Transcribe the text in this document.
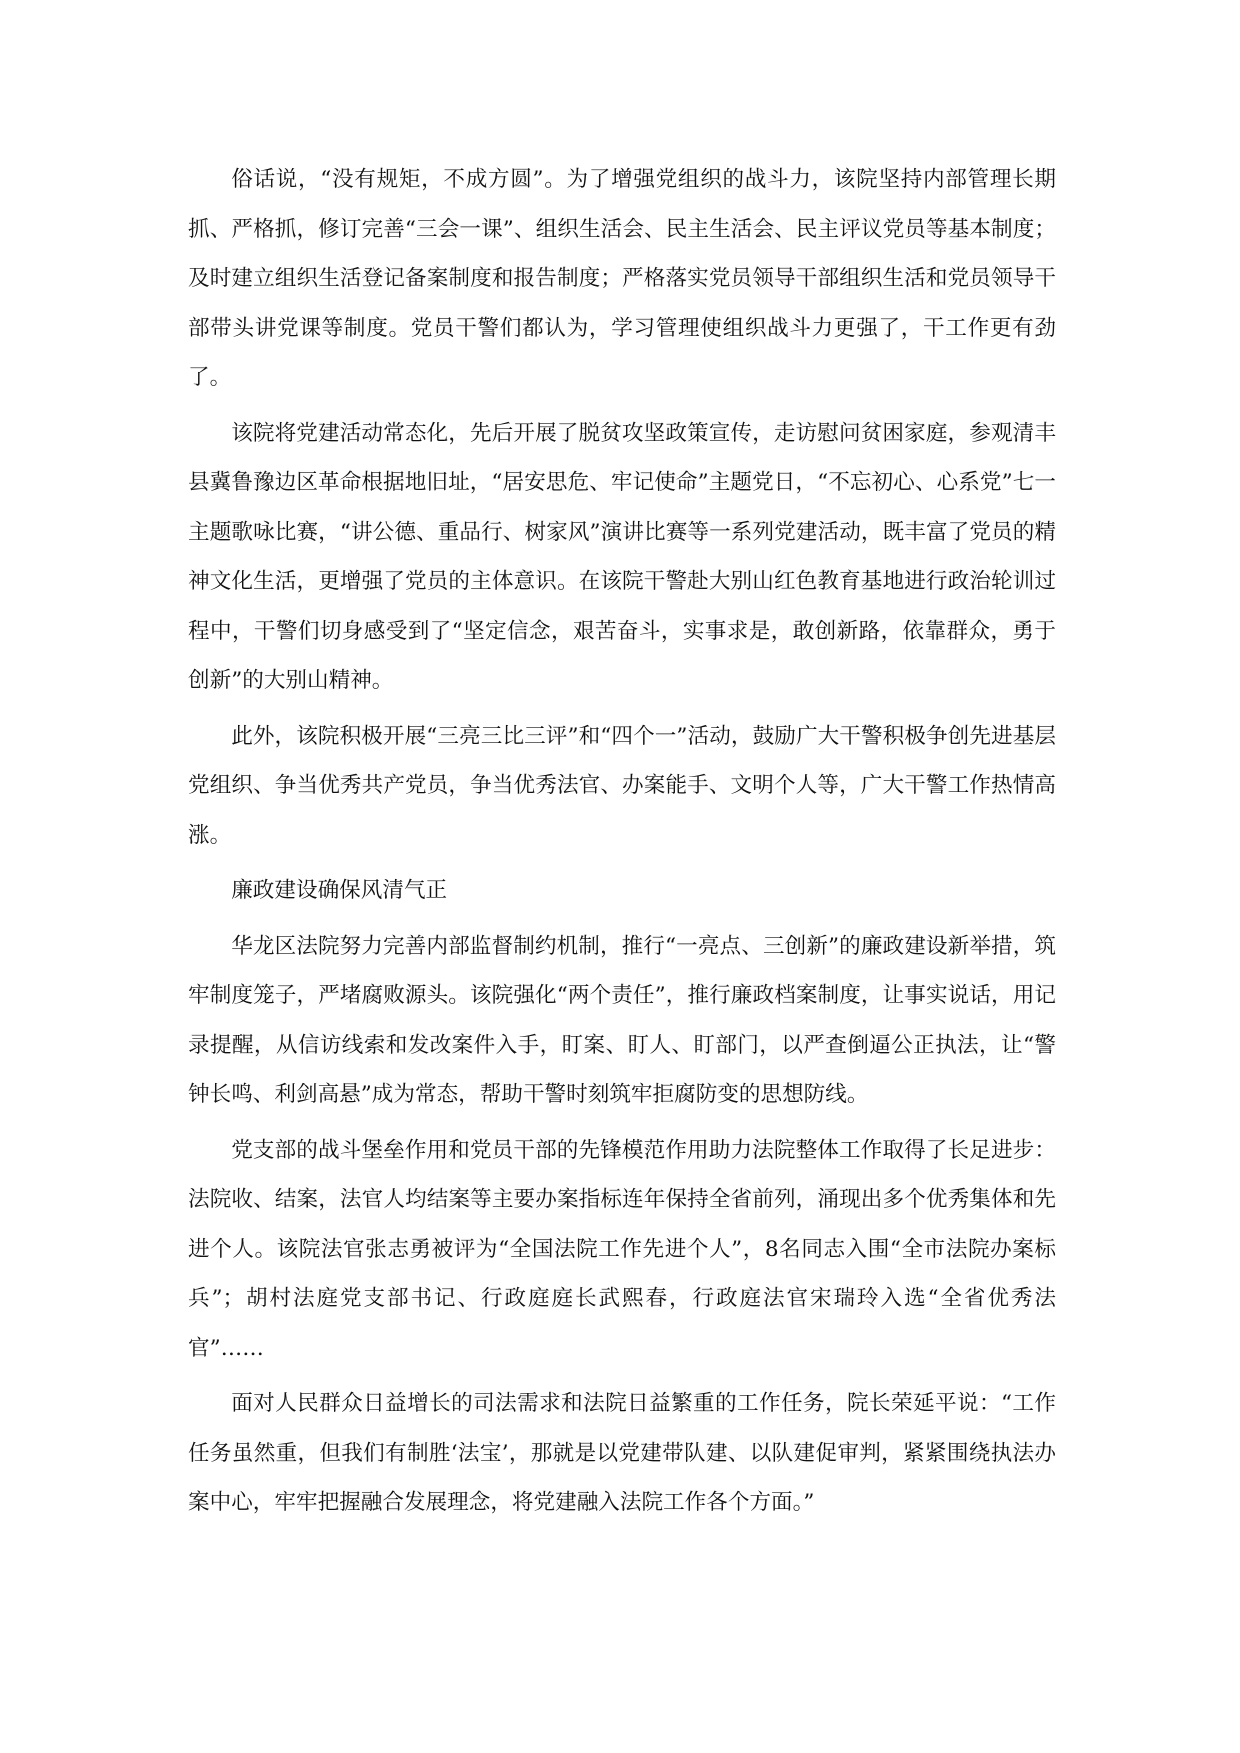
俗话说，“没有规矩，不成方圆”。为了增强党组织的战斗力，该院坚持内部管理长期抓、严格抓，修订完善“三会一课”、组织生活会、民主生活会、民主评议党员等基本制度；及时建立组织生活登记备案制度和报告制度；严格落实党员领导干部组织生活和党员领导干部带头讲党课等制度。党员干警们都认为，学习管理使组织战斗力更强了，干工作更有劲了。

该院将党建活动常态化，先后开展了脱贫攻坚政策宣传，走访慰问贫困家庭，参观清丰县冀鲁豫边区革命根据地旧址，“居安思危、牢记使命”主题党日，“不忘初心、心系党”七一主题歌咏比赛，“讲公德、重品行、树家风”演讲比赛等一系列党建活动，既丰富了党员的精神文化生活，更增强了党员的主体意识。在该院干警赴大别山红色教育基地进行政治轮训过程中，干警们切身感受到了“坚定信念，艰苦奋斗，实事求是，敢创新路，依靠群众，勇于创新”的大别山精神。

此外，该院积极开展“三亮三比三评”和“四个一”活动，鼓励广大干警积极争创先进基层党组织、争当优秀共产党员，争当优秀法官、办案能手、文明个人等，广大干警工作热情高涨。

廉政建设确保风清气正

华龙区法院努力完善内部监督制约机制，推行“一亮点、三创新”的廉政建设新举措，筑牢制度笼子，严堵腐败源头。该院强化“两个责任”，推行廉政档案制度，让事实说话，用记录提醒，从信访线索和发改案件入手，盯案、盯人、盯部门，以严查倒逼公正执法，让“警钟长鸣、利剑高悬”成为常态，帮助干警时刻筑牢拒腐防变的思想防线。

党支部的战斗堡垒作用和党员干部的先锋模范作用助力法院整体工作取得了长足进步：法院收、结案，法官人均结案等主要办案指标连年保持全省前列，涌现出多个优秀集体和先进个人。该院法官张志勇被评为“全国法院工作先进个人”，8名同志入围“全市法院办案标兵”；胡村法庭党支部书记、行政庭庭长武熙春，行政庭法官宋瑞玲入选“全省优秀法官”……

面对人民群众日益增长的司法需求和法院日益繁重的工作任务，院长荣延平说：“工作任务虽然重，但我们有制胜‘法宝’，那就是以党建带队建、以队建促审判，紧紧围绕执法办案中心，牢牢把握融合发展理念，将党建融入法院工作各个方面。”
